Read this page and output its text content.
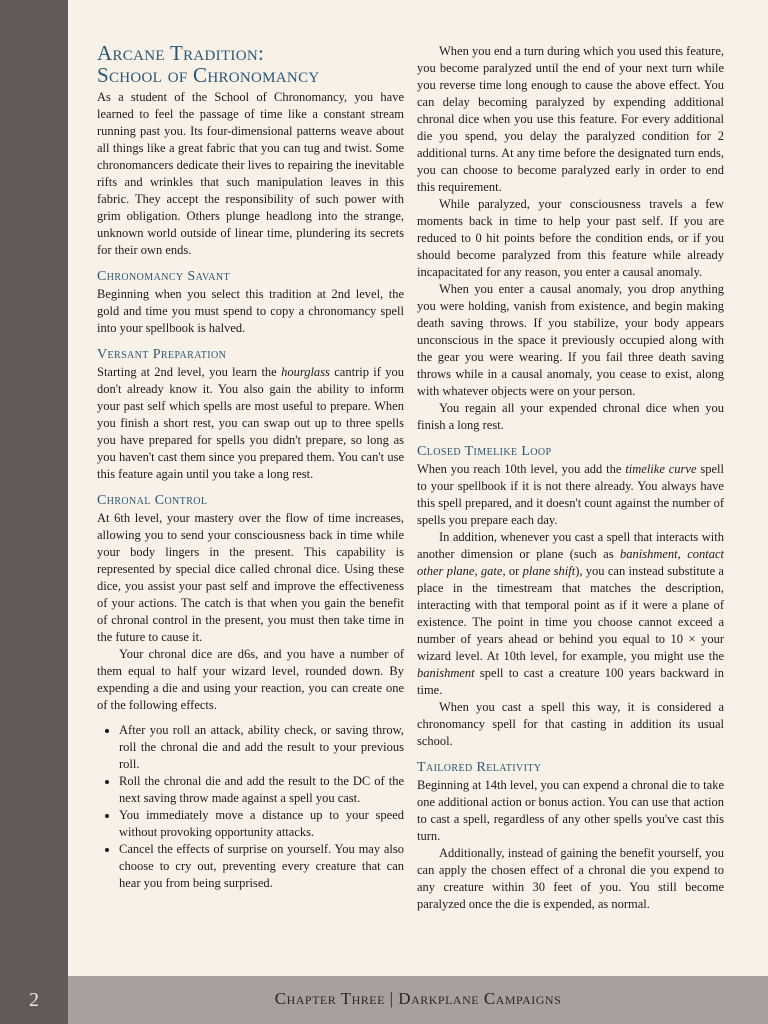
Arcane Tradition:
School of Chronomancy

As a student of the School of Chronomancy, you have learned to feel the passage of time like a constant stream running past you. Its four-dimensional patterns weave about all things like a great fabric that you can tug and twist. Some chronomancers dedicate their lives to repairing the inevitable rifts and wrinkles that such manipulation leaves in this fabric. They accept the responsibility of such power with grim obligation. Others plunge headlong into the strange, unknown world outside of linear time, plundering its secrets for their own ends.

Chronomancy Savant

Beginning when you select this tradition at 2nd level, the gold and time you must spend to copy a chronomancy spell into your spellbook is halved.

Versant Preparation

Starting at 2nd level, you learn the hourglass cantrip if you don't already know it. You also gain the ability to inform your past self which spells are most useful to prepare. When you finish a short rest, you can swap out up to three spells you have prepared for spells you didn't prepare, so long as you haven't cast them since you prepared them. You can't use this feature again until you take a long rest.

Chronal Control

At 6th level, your mastery over the flow of time increases, allowing you to send your consciousness back in time while your body lingers in the present. This capability is represented by special dice called chronal dice. Using these dice, you assist your past self and improve the effectiveness of your actions. The catch is that when you gain the benefit of chronal control in the present, you must then take time in the future to cause it.

Your chronal dice are d6s, and you have a number of them equal to half your wizard level, rounded down. By expending a die and using your reaction, you can create one of the following effects.

• After you roll an attack, ability check, or saving throw, roll the chronal die and add the result to your previous roll.
• Roll the chronal die and add the result to the DC of the next saving throw made against a spell you cast.
• You immediately move a distance up to your speed without provoking opportunity attacks.
• Cancel the effects of surprise on yourself. You may also choose to cry out, preventing every creature that can hear you from being surprised.

When you end a turn during which you used this feature, you become paralyzed until the end of your next turn while you reverse time long enough to cause the above effect. You can delay becoming paralyzed by expending additional chronal dice when you use this feature. For every additional die you spend, you delay the paralyzed condition for 2 additional turns. At any time before the designated turn ends, you can choose to become paralyzed early in order to end this requirement.

While paralyzed, your consciousness travels a few moments back in time to help your past self. If you are reduced to 0 hit points before the condition ends, or if you should become paralyzed from this feature while already incapacitated for any reason, you enter a causal anomaly.

When you enter a causal anomaly, you drop anything you were holding, vanish from existence, and begin making death saving throws. If you stabilize, your body appears unconscious in the space it previously occupied along with the gear you were wearing. If you fail three death saving throws while in a causal anomaly, you cease to exist, along with whatever objects were on your person.

You regain all your expended chronal dice when you finish a long rest.

Closed Timelike Loop

When you reach 10th level, you add the timelike curve spell to your spellbook if it is not there already. You always have this spell prepared, and it doesn't count against the number of spells you prepare each day.

In addition, whenever you cast a spell that interacts with another dimension or plane (such as banishment, contact other plane, gate, or plane shift), you can instead substitute a place in the timestream that matches the description, interacting with that temporal point as if it were a plane of existence. The point in time you choose cannot exceed a number of years ahead or behind you equal to 10 × your wizard level. At 10th level, for example, you might use the banishment spell to cast a creature 100 years backward in time.

When you cast a spell this way, it is considered a chronomancy spell for that casting in addition its usual school.

Tailored Relativity

Beginning at 14th level, you can expend a chronal die to take one additional action or bonus action. You can use that action to cast a spell, regardless of any other spells you've cast this turn.

Additionally, instead of gaining the benefit yourself, you can apply the chosen effect of a chronal die you expend to any creature within 30 feet of you. You still become paralyzed once the die is expended, as normal.

2	Chapter Three | Darkplane Campaigns
